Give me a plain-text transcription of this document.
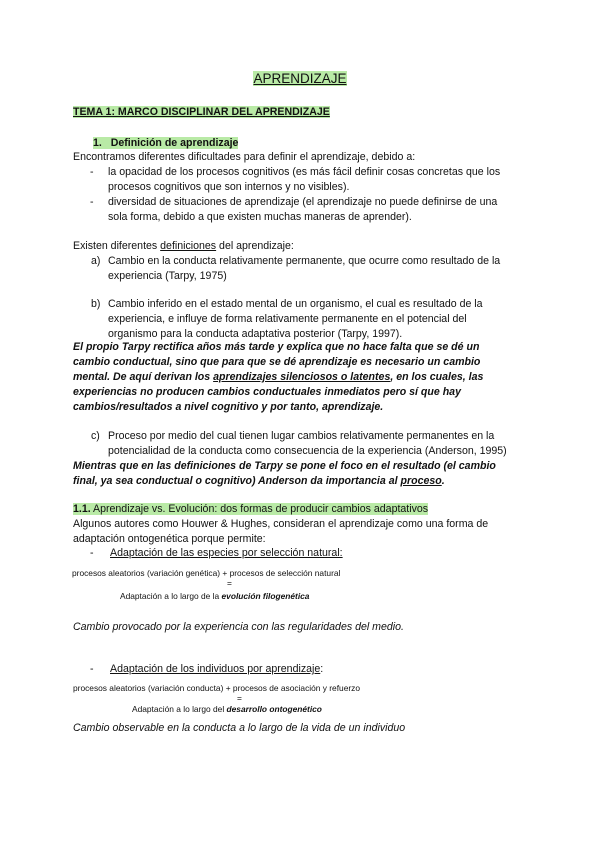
APRENDIZAJE
TEMA 1: MARCO DISCIPLINAR DEL APRENDIZAJE
1. Definición de aprendizaje
Encontramos diferentes dificultades para definir el aprendizaje, debido a:
- la opacidad de los procesos cognitivos (es más fácil definir cosas concretas que los
procesos cognitivos que son internos y no visibles).
- diversidad de situaciones de aprendizaje (el aprendizaje no puede definirse de una
sola forma, debido a que existen muchas maneras de aprender).
Existen diferentes definiciones del aprendizaje:
a) Cambio en la conducta relativamente permanente, que ocurre como resultado de la
experiencia (Tarpy, 1975)
b) Cambio inferido en el estado mental de un organismo, el cual es resultado de la
experiencia, e influye de forma relativamente permanente en el potencial del
organismo para la conducta adaptativa posterior (Tarpy, 1997).
El propio Tarpy rectifica años más tarde y explica que no hace falta que se dé un
cambio conductual, sino que para que se dé aprendizaje es necesario un cambio
mental. De aquí derivan los aprendizajes silenciosos o latentes, en los cuales, las
experiencias no producen cambios conductuales inmediatos pero sí que hay
cambios/resultados a nivel cognitivo y por tanto, aprendizaje.
c) Proceso por medio del cual tienen lugar cambios relativamente permanentes en la
potencialidad de la conducta como consecuencia de la experiencia (Anderson, 1995)
Mientras que en las definiciones de Tarpy se pone el foco en el resultado (el cambio
final, ya sea conductual o cognitivo) Anderson da importancia al proceso.
1.1. Aprendizaje vs. Evolución: dos formas de producir cambios adaptativos
Algunos autores como Houwer & Hughes, consideran el aprendizaje como una forma de
adaptación ontogenética porque permite:
- Adaptación de las especies por selección natural:
procesos aleatorios (variación genética) + procesos de selección natural
=
Adaptación a lo largo de la evolución filogenética
Cambio provocado por la experiencia con las regularidades del medio.
- Adaptación de los individuos por aprendizaje:
procesos aleatorios (variación conducta) + procesos de asociación y refuerzo
=
Adaptación a lo largo del desarrollo ontogenético
Cambio observable en la conducta a lo largo de la vida de un individuo
